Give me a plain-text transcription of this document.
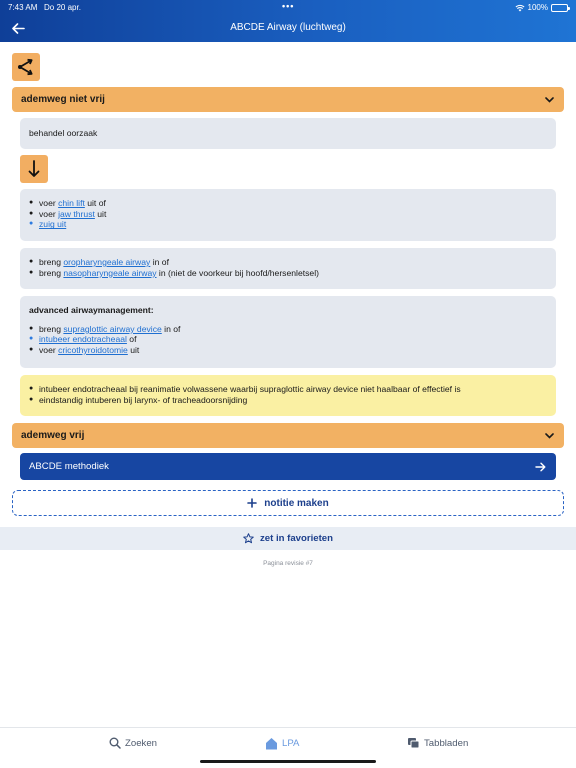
7:43 AM Do 20 apr.	•••	100%
ABCDE Airway (luchtweg)
ademweg niet vrij
behandel oorzaak
● voer chin lift uit of
● voer jaw thrust uit
● zuig uit
● breng oropharyngeale airway in of
● breng nasopharyngeale airway in (niet de voorkeur bij hoofd/hersenletsel)
advanced airwaymanagement:
● breng supraglottic airway device in of
● intubeer endotracheaal of
● voer cricothyroidotomie uit
● intubeer endotracheaal bij reanimatie volwassene waarbij supraglottic airway device niet haalbaar of effectief is
● eindstandig intuberen bij larynx- of tracheadoorsnijding
ademweg vrij
ABCDE methodiek
notitie maken
zet in favorieten
Pagina revisie #7
Zoeken	LPA	Tabbladen
